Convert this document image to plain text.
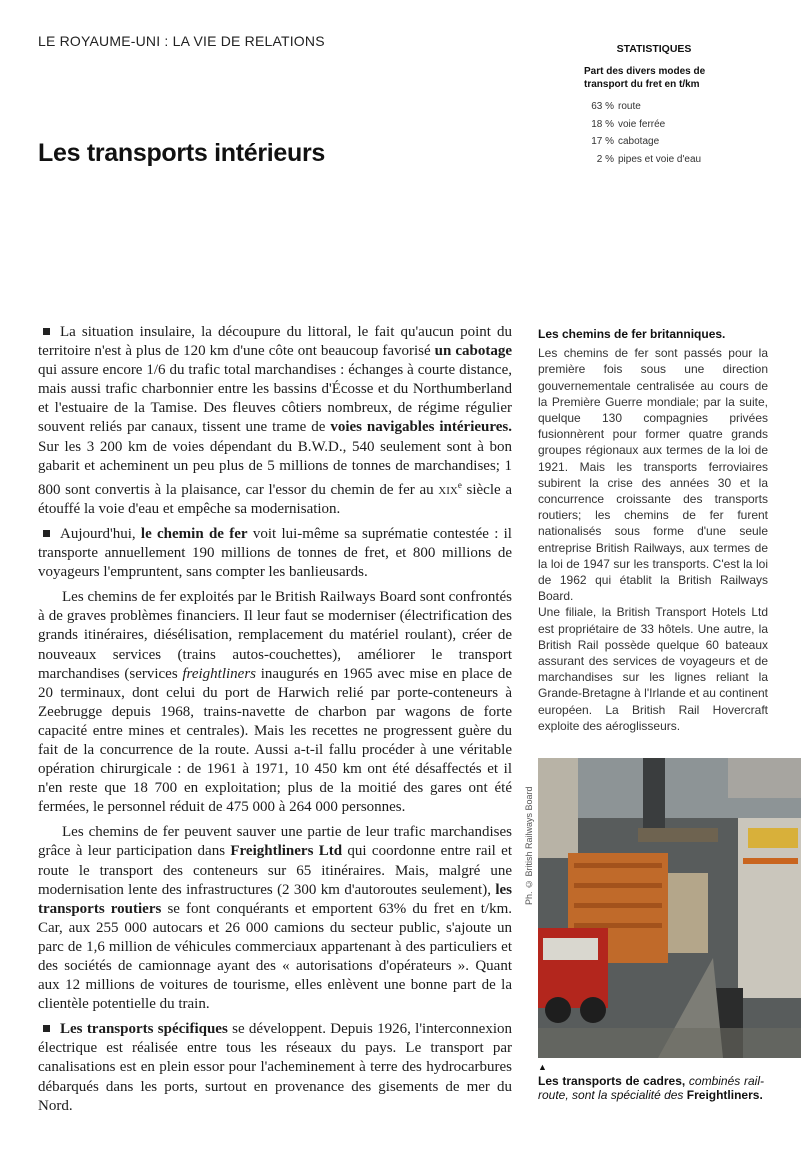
LE ROYAUME-UNI : LA VIE DE RELATIONS
Les transports intérieurs
STATISTIQUES
Part des divers modes de transport du fret en t/km
63 % route
18 % voie ferrée
17 % cabotage
2 % pipes et voie d'eau

La situation insulaire, la découpure du littoral, le fait qu'aucun point du territoire n'est à plus de 120 km d'une côte ont beaucoup favorisé un cabotage qui assure encore 1/6 du trafic total marchandises : échanges à courte distance, mais aussi trafic charbonnier entre les bassins d'Écosse et du Northumberland et l'estuaire de la Tamise. Des fleuves côtiers nombreux, de régime régulier souvent reliés par canaux, tissent une trame de voies navigables intérieures. Sur les 3 200 km de voies dépendant du B.W.D., 540 seulement sont à bon gabarit et acheminent un peu plus de 5 millions de tonnes de marchandises; 1 800 sont convertis à la plaisance, car l'essor du chemin de fer au xix$^e$ siècle a étouffé la voie d'eau et empêche sa modernisation.

Aujourd'hui, le chemin de fer voit lui-même sa suprématie contestée : il transporte annuellement 190 millions de tonnes de fret, et 800 millions de voyageurs l'empruntent, sans compter les banlieusards.

Les chemins de fer exploités par le British Railways Board sont confrontés à de graves problèmes financiers. Il leur faut se moderniser (électrification des grands itinéraires, diésélisation, remplacement du matériel roulant), créer de nouveaux services (trains autos-couchettes), améliorer le transport marchandises (services freightliners inaugurés en 1965 avec mise en place de 20 terminaux, dont celui du port de Harwich relié par porte-conteneurs à Zeebrugge depuis 1968, trains-navette de charbon par wagons de forte capacité entre mines et centrales). Mais les recettes ne progressent guère du fait de la concurrence de la route. Aussi a-t-il fallu procéder à une véritable opération chirurgicale : de 1961 à 1971, 10 450 km ont été désaffectés et il n'en reste que 18 700 en exploitation; plus de la moitié des gares ont été fermées, le personnel réduit de 475 000 à 264 000 personnes.

Les chemins de fer peuvent sauver une partie de leur trafic marchandises grâce à leur participation dans Freightliners Ltd qui coordonne entre rail et route le transport des conteneurs sur 65 itinéraires. Mais, malgré une modernisation lente des infrastructures (2 300 km d'autoroutes seulement), les transports routiers se font conquérants et emportent 63% du fret en t/km. Car, aux 255 000 autocars et 26 000 camions du secteur public, s'ajoute un parc de 1,6 million de véhicules commerciaux appartenant à des particuliers et des sociétés de camionnage ayant des « autorisations d'opérateurs ». Quant aux 12 millions de voitures de tourisme, elles enlèvent une bonne part de la clientèle potentielle du train.

Les transports spécifiques se développent. Depuis 1926, l'interconnexion électrique est réalisée entre tous les réseaux du pays. Le transport par canalisations est en plein essor pour l'acheminement à terre des hydrocarbures débarqués dans les ports, surtout en provenance des gisements de mer du Nord.

Les chemins de fer britanniques.

Les chemins de fer sont passés pour la première fois sous une direction gouvernementale centralisée au cours de la Première Guerre mondiale; par la suite, quelque 130 compagnies privées fusionnèrent pour former quatre grands groupes régionaux aux termes de la loi de 1921. Mais les transports ferroviaires subirent la crise des années 30 et la concurrence croissante des transports routiers; les chemins de fer furent nationalisés sous forme d'une seule entreprise British Railways, aux termes de la loi de 1947 sur les transports. C'est la loi de 1962 qui établit la British Railways Board.

Une filiale, la British Transport Hotels Ltd est propriétaire de 33 hôtels. Une autre, la British Rail possède quelque 60 bateaux assurant des services de voyageurs et de marchandises sur les lignes reliant la Grande-Bretagne à l'Irlande et au continent européen. La British Rail Hovercraft exploite des aéroglisseurs.

Ph. © British Railways Board
▲
Les transports de cadres, combinés rail-route, sont la spécialité des Freightliners.
